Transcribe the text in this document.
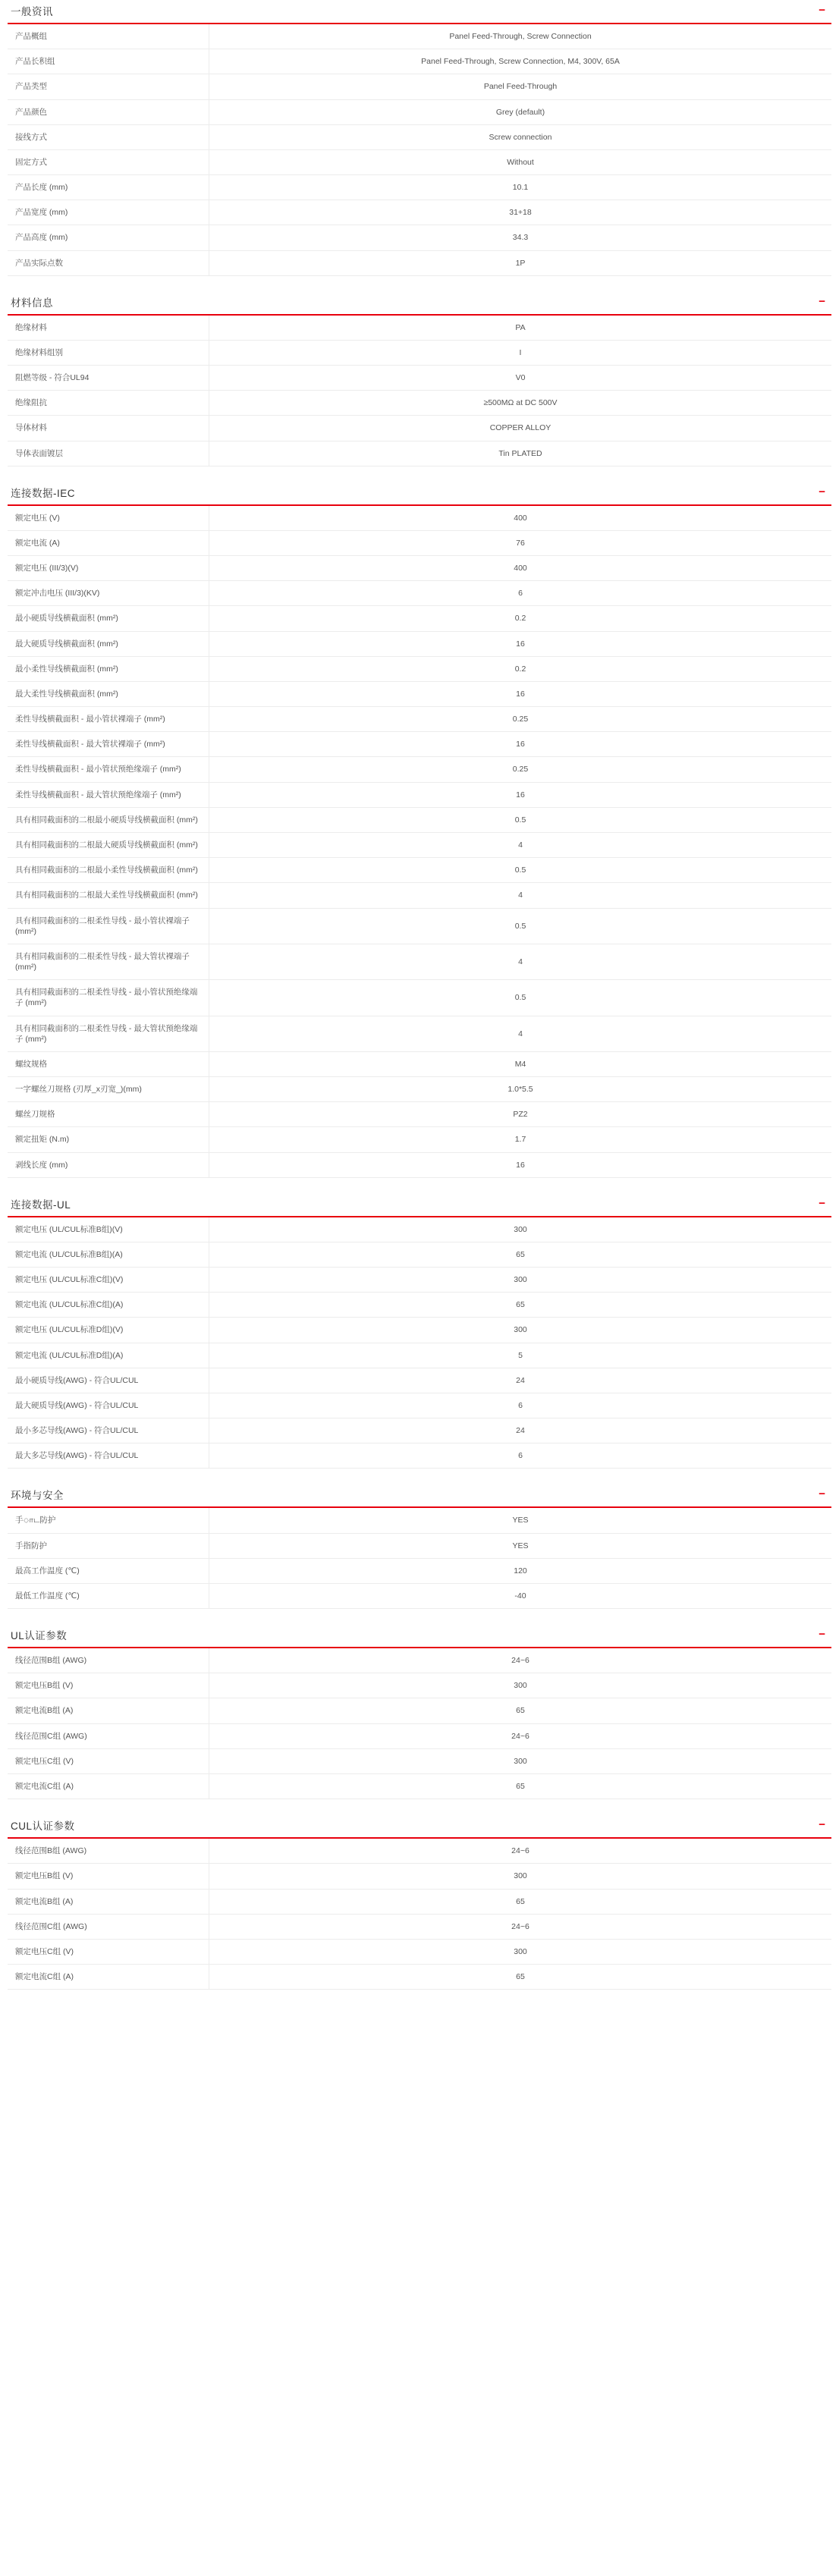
一般资讯	−
产品概组	Panel Feed-Through, Screw Connection
产品长积组	Panel Feed-Through, Screw Connection, M4, 300V, 65A
产品类型	Panel Feed-Through
产品颜色	Grey (default)
接线方式	Screw connection
固定方式	Without
产品长度 (mm)	10.1
产品宽度 (mm)	31+18
产品高度 (mm)	34.3
产品实际点数	1P
材料信息	−
绝缘材料	PA
绝缘材料组别	I
阻燃等级 - 符合UL94	V0
绝缘阻抗	≥500MΩ at DC 500V
导体材料	COPPER ALLOY
导体表面镀层	Tin PLATED
连接数据-IEC	−
额定电压 (V)	400
额定电流 (A)	76
额定电压 (III/3)(V)	400
额定冲击电压 (III/3)(KV)	6
最小硬质导线横截面积 (mm²)	0.2
最大硬质导线横截面积 (mm²)	16
最小柔性导线横截面积 (mm²)	0.2
最大柔性导线横截面积 (mm²)	16
柔性导线横截面积 - 最小管状裸端子 (mm²)	0.25
柔性导线横截面积 - 最大管状裸端子 (mm²)	16
柔性导线横截面积 - 最小管状预绝缘端子 (mm²)	0.25
柔性导线横截面积 - 最大管状预绝缘端子 (mm²)	16
具有相同截面积的二根最小硬质导线横截面积 (mm²)	0.5
具有相同截面积的二根最大硬质导线横截面积 (mm²)	4
具有相同截面积的二根最小柔性导线横截面积 (mm²)	0.5
具有相同截面积的二根最大柔性导线横截面积 (mm²)	4
具有相同截面积的二根柔性导线 - 最小管状裸端子 (mm²)	0.5
具有相同截面积的二根柔性导线 - 最大管状裸端子 (mm²)	4
具有相同截面积的二根柔性导线 - 最小管状预绝缘端子 (mm²)	0.5
具有相同截面积的二根柔性导线 - 最大管状预绝缘端子 (mm²)	4
螺纹规格	M4
一字螺丝刀规格 (刃厚_x刃宽_)(mm)	1.0*5.5
螺丝刀规格	PZ2
额定扭矩 (N.m)	1.7
剥线长度 (mm)	16
连接数据-UL	−
额定电压 (UL/CUL标准B组)(V)	300
额定电流 (UL/CUL标准B组)(A)	65
额定电压 (UL/CUL标准C组)(V)	300
额定电流 (UL/CUL标准C组)(A)	65
额定电压 (UL/CUL标准D组)(V)	300
额定电流 (UL/CUL标准D组)(A)	5
最小硬质导线(AWG) - 符合UL/CUL	24
最大硬质导线(AWG) - 符合UL/CUL	6
最小多芯导线(AWG) - 符合UL/CUL	24
最大多芯导线(AWG) - 符合UL/CUL	6
环境与安全	−
手ாட防护	YES
手指防护	YES
最高工作温度 (℃)	120
最低工作温度 (℃)	-40
UL认证参数	−
线径范围B组 (AWG)	24~6
额定电压B组 (V)	300
额定电流B组 (A)	65
线径范围C组 (AWG)	24~6
额定电压C组 (V)	300
额定电流C组 (A)	65
CUL认证参数	−
线径范围B组 (AWG)	24~6
额定电压B组 (V)	300
额定电流B组 (A)	65
线径范围C组 (AWG)	24~6
额定电压C组 (V)	300
额定电流C组 (A)	65
